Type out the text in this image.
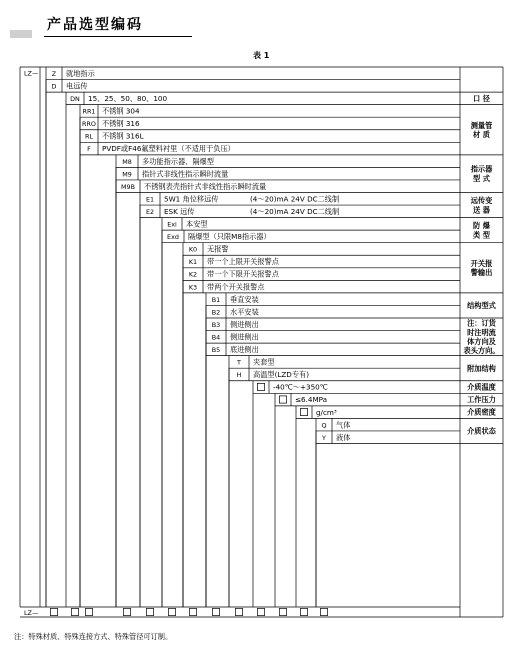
产品选型编码
表 1
LZ— Z 就地指示
D 电远传
DN 15、25、50、80、100
RR1 不锈钢 304
RRO 不锈钢 316
RL 不锈钢 316L
F PVDF或F46氟塑料衬里（不适用于负压）
M8 多功能指示器、隔爆型
M9 指针式非线性指示瞬时流量
M9B 不锈钢表壳指针式非线性指示瞬时流量
E1 5W1 角位移远传	(4～20)mA 24V DC二线制
E2 ESK 远传	(4～20)mA 24V DC二线制
Exi 本安型
Exd 隔爆型（只限M8指示器）
K0 无报警
K1 带一个上限开关报警点
K2 带一个下限开关报警点
K3 带两个开关报警点
B1 垂直安装
B2 水平安装
B3 侧进侧出
B4 侧进侧出
B5 底进侧出
T 夹套型
H 高温型(LZD专有)
-40℃～+350℃
≤6.4MPa
g/cm³
Q 气体
Y 液体
口 径
测量管材 质
指示器型 式
远传变送 器
防 爆类 型
开关报警输出
结构型式
注：订货时注明流体方向及表头方向。
附加结构
介质温度
工作压力
介质密度
介质状态
LZ—
注：特殊材质、特殊连接方式、特殊管径可订制。
